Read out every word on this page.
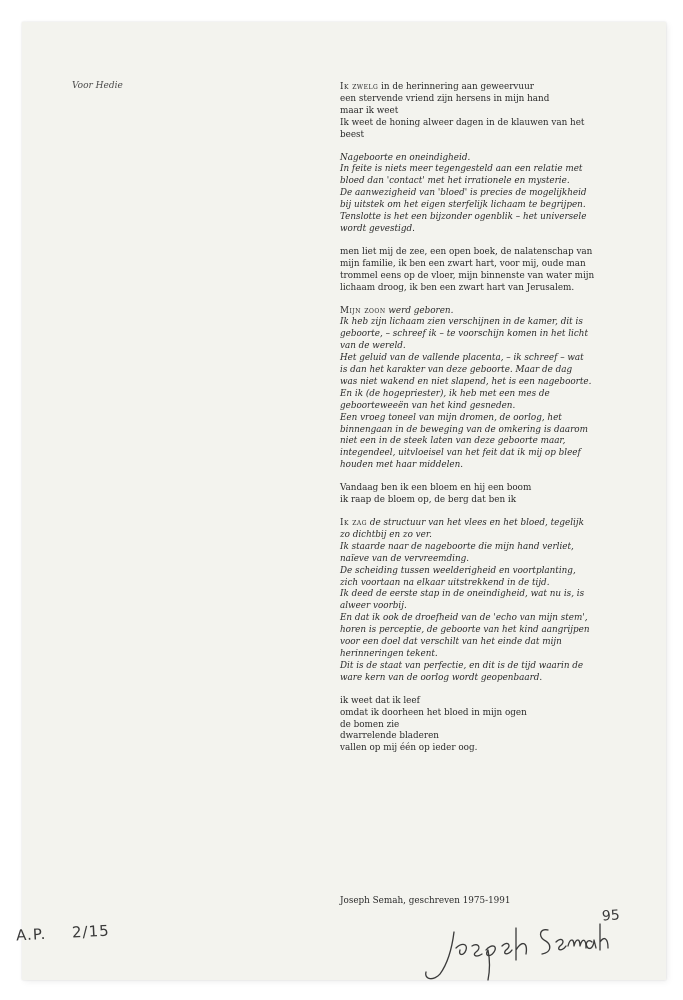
Voor Hedie	Ik zwelg in de herinnering aan geweervuur
een stervende vriend zijn hersens in mijn hand
maar ik weet
Ik weet de honing alweer dagen in de klauwen van het
beest
Nageboorte en oneindigheid.
In feite is niets meer tegengesteld aan een relatie met
bloed dan 'contact' met het irrationele en mysterie.
De aanwezigheid van 'bloed' is precies de mogelijkheid
bij uitstek om het eigen sterfelijk lichaam te begrijpen.
Tenslotte is het een bijzonder ogenblik – het universele
wordt gevestigd.
men liet mij de zee, een open boek, de nalatenschap van
mijn familie, ik ben een zwart hart, voor mij, oude man
trommel eens op de vloer, mijn binnenste van water mijn
lichaam droog, ik ben een zwart hart van Jerusalem.
Mijn zoon werd geboren.
Ik heb zijn lichaam zien verschijnen in de kamer, dit is
geboorte, – schreef ik – te voorschijn komen in het licht
van de wereld.
Het geluid van de vallende placenta, – ik schreef – wat
is dan het karakter van deze geboorte. Maar de dag
was niet wakend en niet slapend, het is een nageboorte.
En ik (de hogepriester), ik heb met een mes de
geboorteweeën van het kind gesneden.
Een vroeg toneel van mijn dromen, de oorlog, het
binnengaan in de beweging van de omkering is daarom
niet een in de steek laten van deze geboorte maar,
integendeel, uitvloeisel van het feit dat ik mij op bleef
houden met haar middelen.
Vandaag ben ik een bloem en hij een boom
ik raap de bloem op, de berg dat ben ik
Ik zag de structuur van het vlees en het bloed, tegelijk
zo dichtbij en zo ver.
Ik staarde naar de nageboorte die mijn hand verliet,
naïeve van de vervreemding.
De scheiding tussen weelderigheid en voortplanting,
zich voortaan na elkaar uitstrekkend in de tijd.
Ik deed de eerste stap in de oneindigheid, wat nu is, is
alweer voorbij.
En dat ik ook de droefheid van de 'echo van mijn stem',
horen is perceptie, de geboorte van het kind aangrijpen
voor een doel dat verschilt van het einde dat mijn
herinneringen tekent.
Dit is de staat van perfectie, en dit is de tijd waarin de
ware kern van de oorlog wordt geopenbaard.
ik weet dat ik leef
omdat ik doorheen het bloed in mijn ogen
de bomen zie
dwarrelende bladeren
vallen op mij één op ieder oog.
Joseph Semah, geschreven 1975-1991
A.P. 2/15
95
